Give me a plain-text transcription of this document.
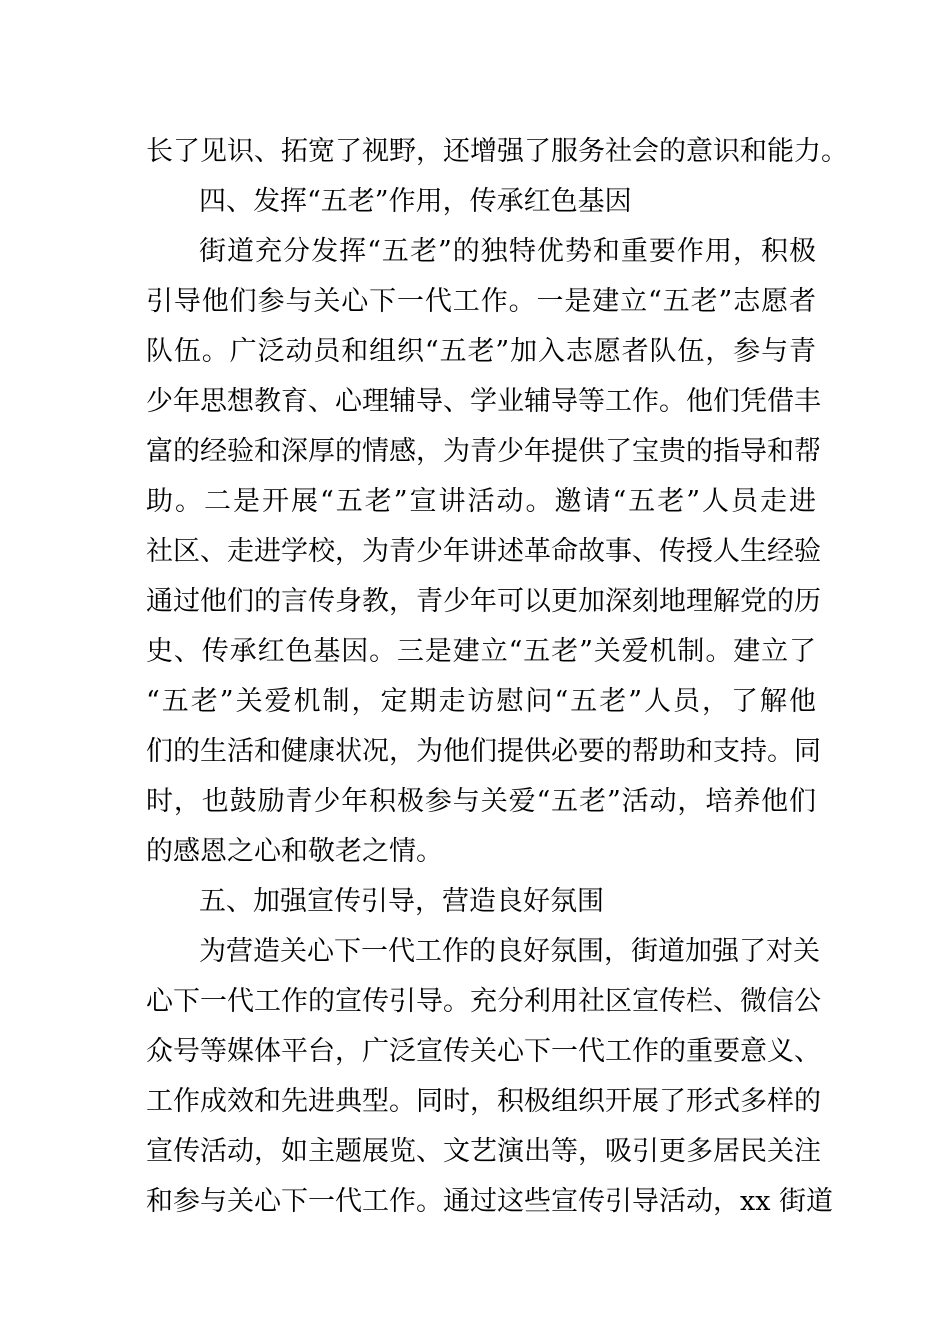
长了见识、拓宽了视野，还增强了服务社会的意识和能力。
四、发挥“五老”作用，传承红色基因
街道充分发挥“五老”的独特优势和重要作用，积极
引导他们参与关心下一代工作。一是建立“五老”志愿者
队伍。广泛动员和组织“五老”加入志愿者队伍，参与青
少年思想教育、心理辅导、学业辅导等工作。他们凭借丰
富的经验和深厚的情感，为青少年提供了宝贵的指导和帮
助。二是开展“五老”宣讲活动。邀请“五老”人员走进
社区、走进学校，为青少年讲述革命故事、传授人生经验
通过他们的言传身教，青少年可以更加深刻地理解党的历
史、传承红色基因。三是建立“五老”关爱机制。建立了
“五老”关爱机制，定期走访慰问“五老”人员，了解他
们的生活和健康状况，为他们提供必要的帮助和支持。同
时，也鼓励青少年积极参与关爱“五老”活动，培养他们
的感恩之心和敬老之情。
五、加强宣传引导，营造良好氛围
为营造关心下一代工作的良好氛围，街道加强了对关
心下一代工作的宣传引导。充分利用社区宣传栏、微信公
众号等媒体平台，广泛宣传关心下一代工作的重要意义、
工作成效和先进典型。同时，积极组织开展了形式多样的
宣传活动，如主题展览、文艺演出等，吸引更多居民关注
和参与关心下一代工作。通过这些宣传引导活动，xx 街道
